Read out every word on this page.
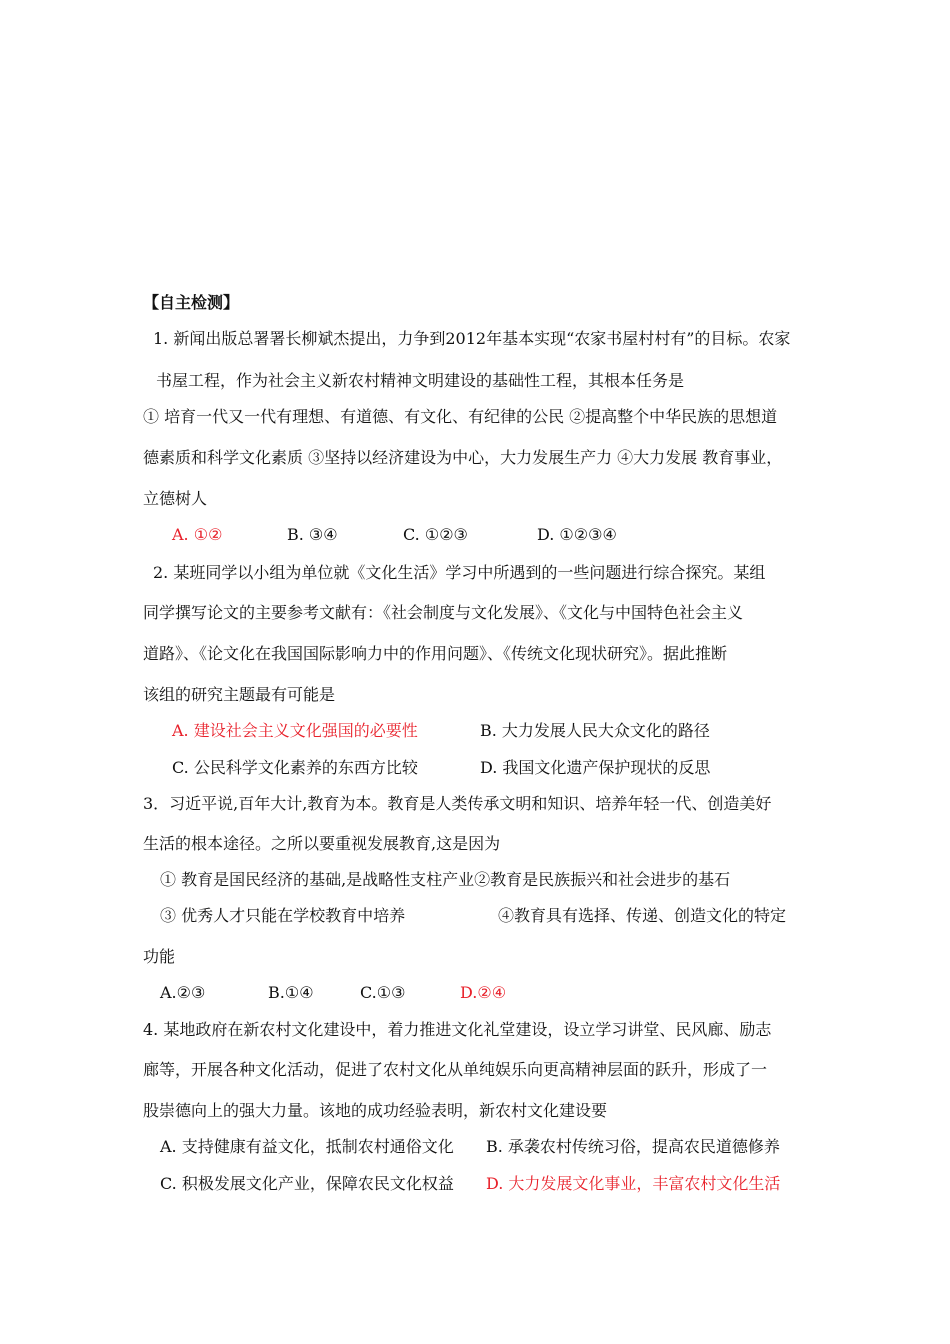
【自主检测】
1. 新闻出版总署署长柳斌杰提出，力争到2012年基本实现“农家书屋村村有”的目标。农家
书屋工程，作为社会主义新农村精神文明建设的基础性工程，其根本任务是
① 培育一代又一代有理想、有道德、有文化、有纪律的公民 ②提高整个中华民族的思想道
德素质和科学文化素质 ③坚持以经济建设为中心，大力发展生产力 ④大力发展 教育事业，
立德树人
A. ①②	B. ③④	C. ①②③	D. ①②③④
2. 某班同学以小组为单位就《文化生活》学习中所遇到的一些问题进行综合探究。某组
同学撰写论文的主要参考文献有：《社会制度与文化发展》、《文化与中国特色社会主义
道路》、《论文化在我国国际影响力中的作用问题》、《传统文化现状研究》。据此推断
该组的研究主题最有可能是
A. 建设社会主义文化强国的必要性	B. 大力发展人民大众文化的路径
C. 公民科学文化素养的东西方比较	D. 我国文化遗产保护现状的反思
3．习近平说,百年大计,教育为本。教育是人类传承文明和知识、培养年轻一代、创造美好
生活的根本途径。之所以要重视发展教育,这是因为
① 教育是国民经济的基础,是战略性支柱产业②教育是民族振兴和社会进步的基石
③ 优秀人才只能在学校教育中培养	④教育具有选择、传递、创造文化的特定
功能
A.②③	B.①④	C.①③	D.②④
4. 某地政府在新农村文化建设中，着力推进文化礼堂建设，设立学习讲堂、民风廊、励志
廊等，开展各种文化活动，促进了农村文化从单纯娱乐向更高精神层面的跃升，形成了一
股崇德向上的强大力量。该地的成功经验表明，新农村文化建设要
A. 支持健康有益文化，抵制农村通俗文化 B. 承袭农村传统习俗，提高农民道德修养
C. 积极发展文化产业，保障农民文化权益 D. 大力发展文化事业，丰富农村文化生活
